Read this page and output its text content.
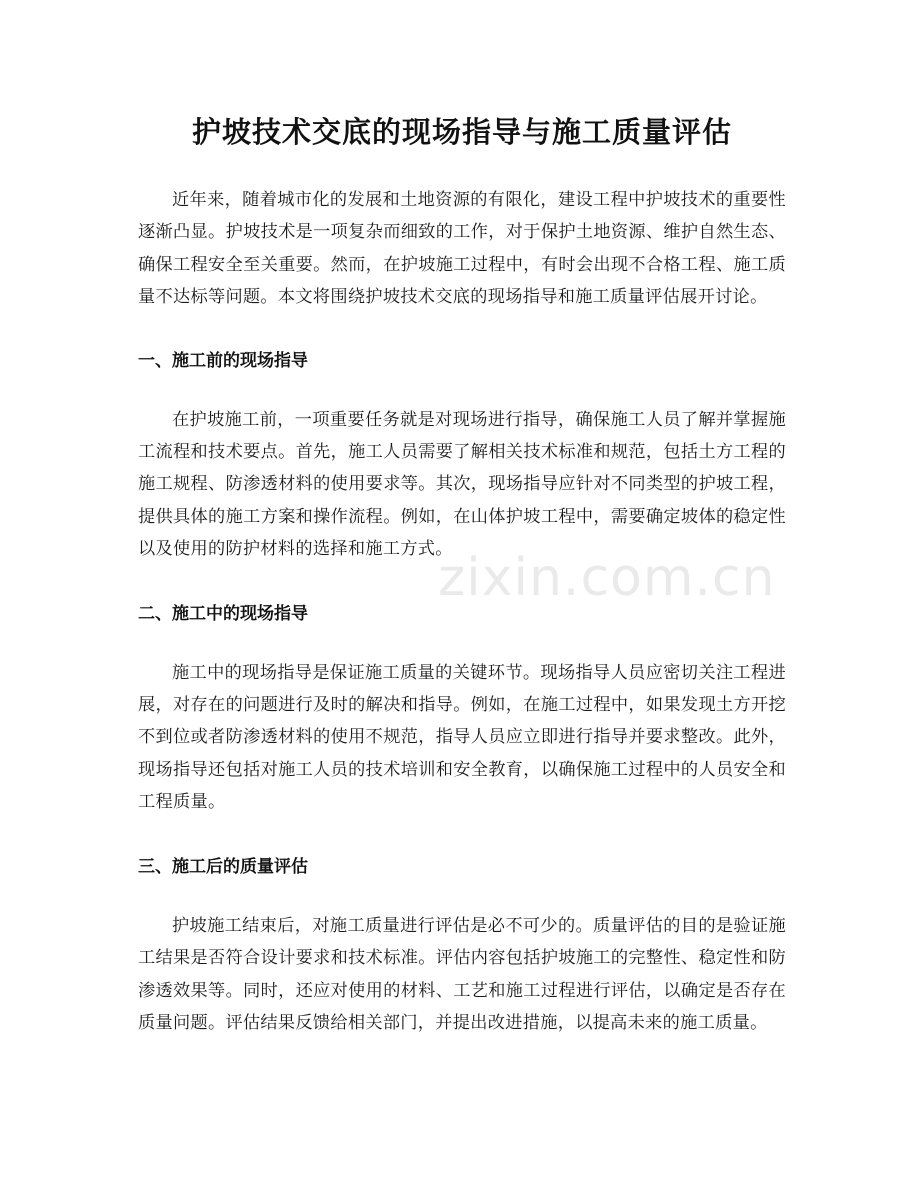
护坡技术交底的现场指导与施工质量评估

近年来，随着城市化的发展和土地资源的有限化，建设工程中护坡技术的重要性逐渐凸显。护坡技术是一项复杂而细致的工作，对于保护土地资源、维护自然生态、确保工程安全至关重要。然而，在护坡施工过程中，有时会出现不合格工程、施工质量不达标等问题。本文将围绕护坡技术交底的现场指导和施工质量评估展开讨论。

一、施工前的现场指导

在护坡施工前，一项重要任务就是对现场进行指导，确保施工人员了解并掌握施工流程和技术要点。首先，施工人员需要了解相关技术标准和规范，包括土方工程的施工规程、防渗透材料的使用要求等。其次，现场指导应针对不同类型的护坡工程，提供具体的施工方案和操作流程。例如，在山体护坡工程中，需要确定坡体的稳定性以及使用的防护材料的选择和施工方式。

二、施工中的现场指导

施工中的现场指导是保证施工质量的关键环节。现场指导人员应密切关注工程进展，对存在的问题进行及时的解决和指导。例如，在施工过程中，如果发现土方开挖不到位或者防渗透材料的使用不规范，指导人员应立即进行指导并要求整改。此外，现场指导还包括对施工人员的技术培训和安全教育，以确保施工过程中的人员安全和工程质量。

三、施工后的质量评估

护坡施工结束后，对施工质量进行评估是必不可少的。质量评估的目的是验证施工结果是否符合设计要求和技术标准。评估内容包括护坡施工的完整性、稳定性和防渗透效果等。同时，还应对使用的材料、工艺和施工过程进行评估，以确定是否存在质量问题。评估结果反馈给相关部门，并提出改进措施，以提高未来的施工质量。

zixin.com.cn
